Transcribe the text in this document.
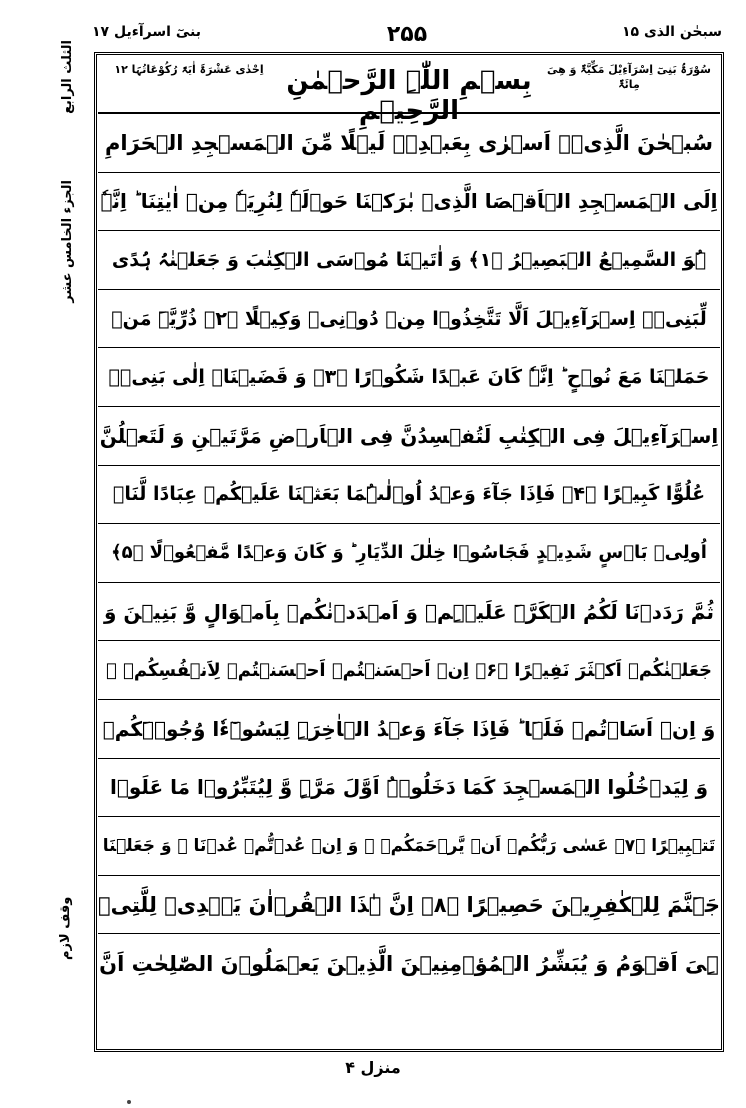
بنیٓ اسرآءیل ۱۷	۲۵۵	سبحٰن الذی ۱۵
الثلث الرابع
الجزء الخامس عشر
وقف لازم
سُوْرَۃُ بَنِیٓ اِسْرَآءِیْلَ مَکِّیَّۃٌ وَ هِیَ مِائَۃٌ
بِسۡمِ اللّٰہِ الرَّحۡمٰنِ الرَّحِیۡمِ
اِحْدٰی عَشْرَۃَ اٰیَۃً رُکُوْعَاتُہَا ۱۲
سُبۡحٰنَ الَّذِیۡۤ اَسۡرٰی بِعَبۡدِہٖ لَیۡلًا مِّنَ الۡمَسۡجِدِ الۡحَرَامِ
اِلَی الۡمَسۡجِدِ الۡاَقۡصَا الَّذِیۡ بٰرَکۡنَا حَوۡلَہٗ لِنُرِیَہٗ مِنۡ اٰیٰتِنَا ؕ اِنَّہٗ
ہُوَ السَّمِیۡعُ الۡبَصِیۡرُ ﴿۱﴾ وَ اٰتَیۡنَا مُوۡسَی الۡکِتٰبَ وَ جَعَلۡنٰہُ ہُدًی
لِّبَنِیۡۤ اِسۡرَآءِیۡلَ اَلَّا تَتَّخِذُوۡا مِنۡ دُوۡنِیۡ وَکِیۡلًا ﴿۲﴾ ذُرِّیَّۃَ مَنۡ
حَمَلۡنَا مَعَ نُوۡحٍ ؕ اِنَّہٗ کَانَ عَبۡدًا شَکُوۡرًا ﴿۳﴾ وَ قَضَیۡنَاۤ اِلٰی بَنِیۡۤ
اِسۡرَآءِیۡلَ فِی الۡکِتٰبِ لَتُفۡسِدُنَّ فِی الۡاَرۡضِ مَرَّتَیۡنِ وَ لَتَعۡلُنَّ
عُلُوًّا کَبِیۡرًا ﴿۴﴾ فَاِذَا جَآءَ وَعۡدُ اُوۡلٰىہُمَا بَعَثۡنَا عَلَیۡکُمۡ عِبَادًا لَّنَاۤ
اُولِیۡ بَاۡسٍ شَدِیۡدٍ فَجَاسُوۡا خِلٰلَ الدِّیَارِ ؕ وَ کَانَ وَعۡدًا مَّفۡعُوۡلًا ﴿۵﴾
ثُمَّ رَدَدۡنَا لَکُمُ الۡکَرَّۃَ عَلَیۡہِمۡ وَ اَمۡدَدۡنٰکُمۡ بِاَمۡوَالٍ وَّ بَنِیۡنَ وَ
جَعَلۡنٰکُمۡ اَکۡثَرَ نَفِیۡرًا ﴿۶﴾ اِنۡ اَحۡسَنۡتُمۡ اَحۡسَنۡتُمۡ لِاَنۡفُسِکُمۡ ۟
وَ اِنۡ اَسَاۡتُمۡ فَلَہَا ؕ فَاِذَا جَآءَ وَعۡدُ الۡاٰخِرَۃِ لِیَسُوۡٓءٗا وُجُوۡہَکُمۡ
وَ لِیَدۡخُلُوا الۡمَسۡجِدَ کَمَا دَخَلُوۡہُ اَوَّلَ مَرَّۃٍ وَّ لِیُتَبِّرُوۡا مَا عَلَوۡا
تَتۡبِیۡرًا ﴿۷﴾ عَسٰی رَبُّکُمۡ اَنۡ یَّرۡحَمَکُمۡ ۚ وَ اِنۡ عُدۡتُّمۡ عُدۡنَا ۘ وَ جَعَلۡنَا
جَہَنَّمَ لِلۡکٰفِرِیۡنَ حَصِیۡرًا ﴿۸﴾ اِنَّ ہٰذَا الۡقُرۡاٰنَ یَہۡدِیۡ لِلَّتِیۡ
ہِیَ اَقۡوَمُ وَ یُبَشِّرُ الۡمُؤۡمِنِیۡنَ الَّذِیۡنَ یَعۡمَلُوۡنَ الصّٰلِحٰتِ اَنَّ
منزل ۴
